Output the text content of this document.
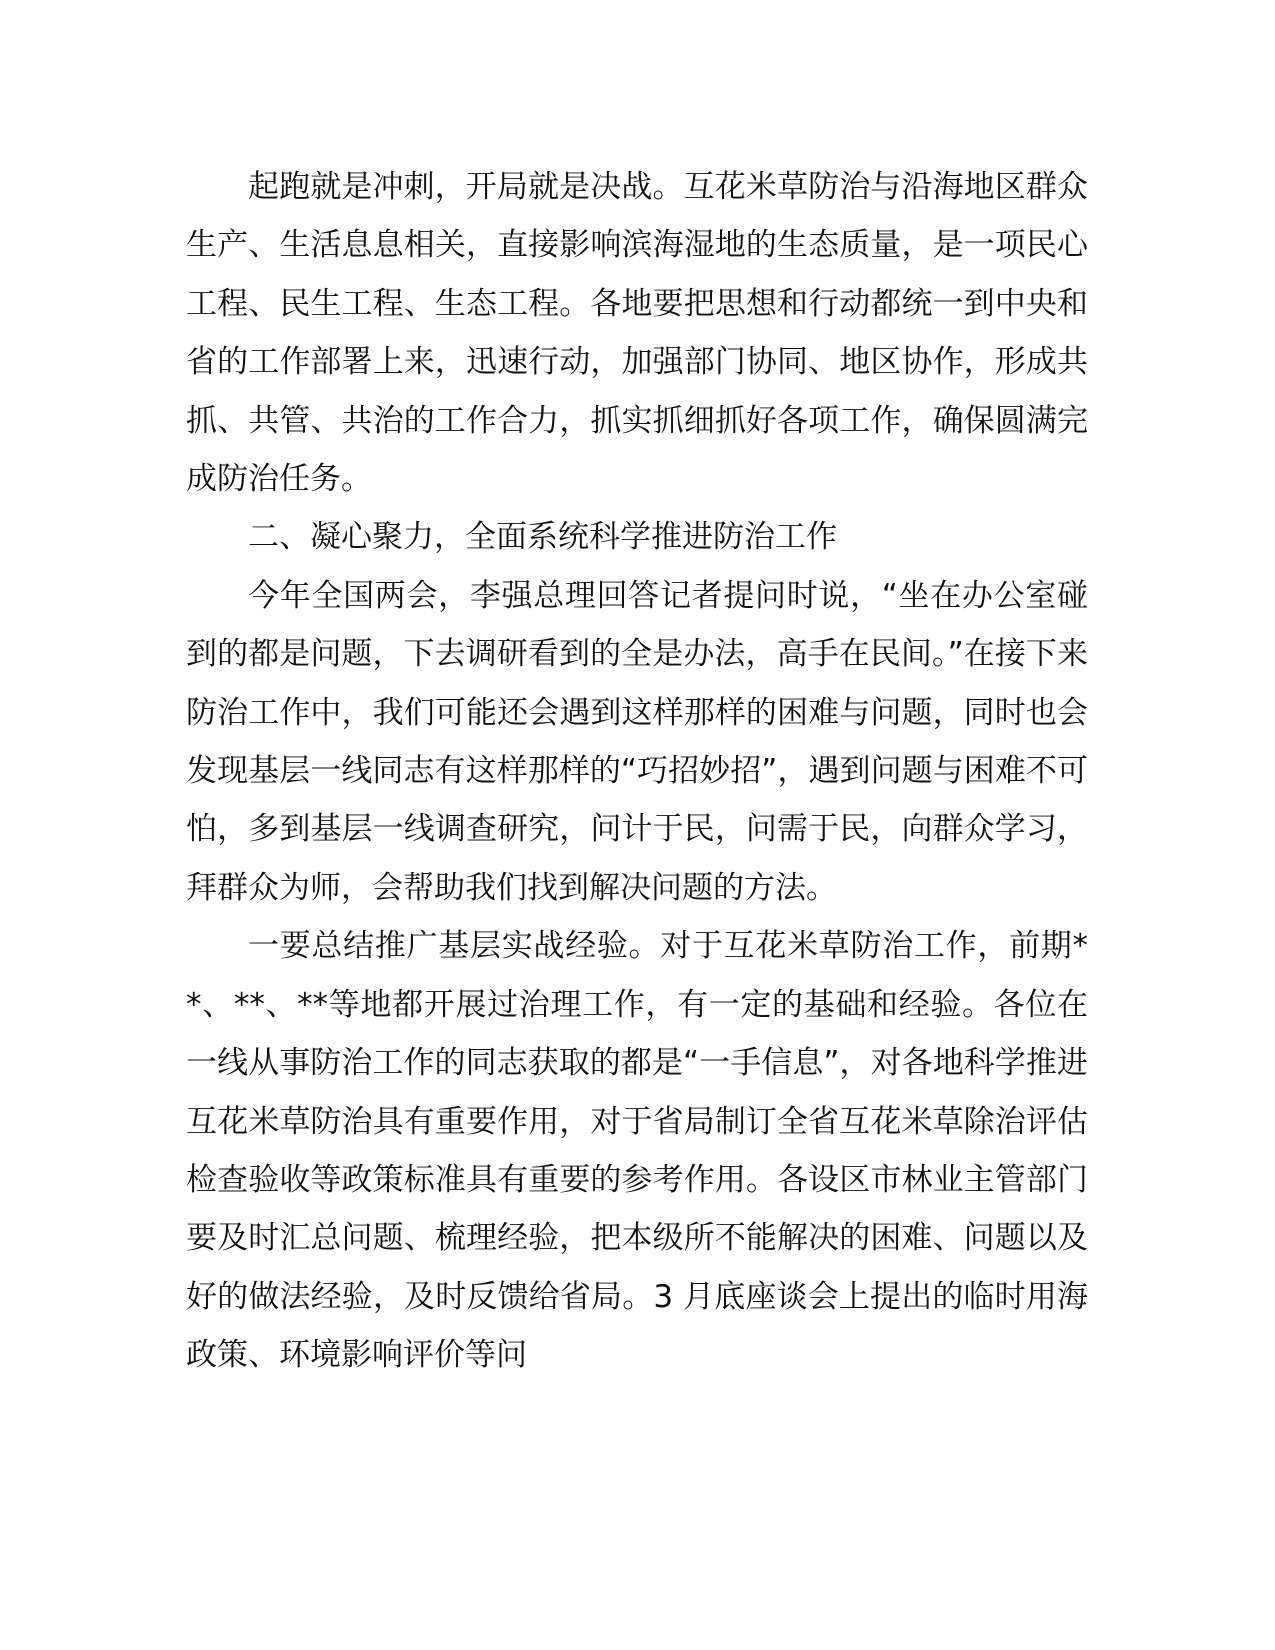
起跑就是冲刺，开局就是决战。互花米草防治与沿海地区群众生产、生活息息相关，直接影响滨海湿地的生态质量，是一项民心工程、民生工程、生态工程。各地要把思想和行动都统一到中央和省的工作部署上来，迅速行动，加强部门协同、地区协作，形成共抓、共管、共治的工作合力，抓实抓细抓好各项工作，确保圆满完成防治任务。

二、凝心聚力，全面系统科学推进防治工作

今年全国两会，李强总理回答记者提问时说，“坐在办公室碰到的都是问题，下去调研看到的全是办法，高手在民间。”在接下来防治工作中，我们可能还会遇到这样那样的困难与问题，同时也会发现基层一线同志有这样那样的“巧招妙招”，遇到问题与困难不可怕，多到基层一线调查研究，问计于民，问需于民，向群众学习，拜群众为师，会帮助我们找到解决问题的方法。

一要总结推广基层实战经验。对于互花米草防治工作，前期**、**、**等地都开展过治理工作，有一定的基础和经验。各位在一线从事防治工作的同志获取的都是“一手信息”，对各地科学推进互花米草防治具有重要作用，对于省局制订全省互花米草除治评估检查验收等政策标准具有重要的参考作用。各设区市林业主管部门要及时汇总问题、梳理经验，把本级所不能解决的困难、问题以及好的做法经验，及时反馈给省局。3 月底座谈会上提出的临时用海政策、环境影响评价等问
